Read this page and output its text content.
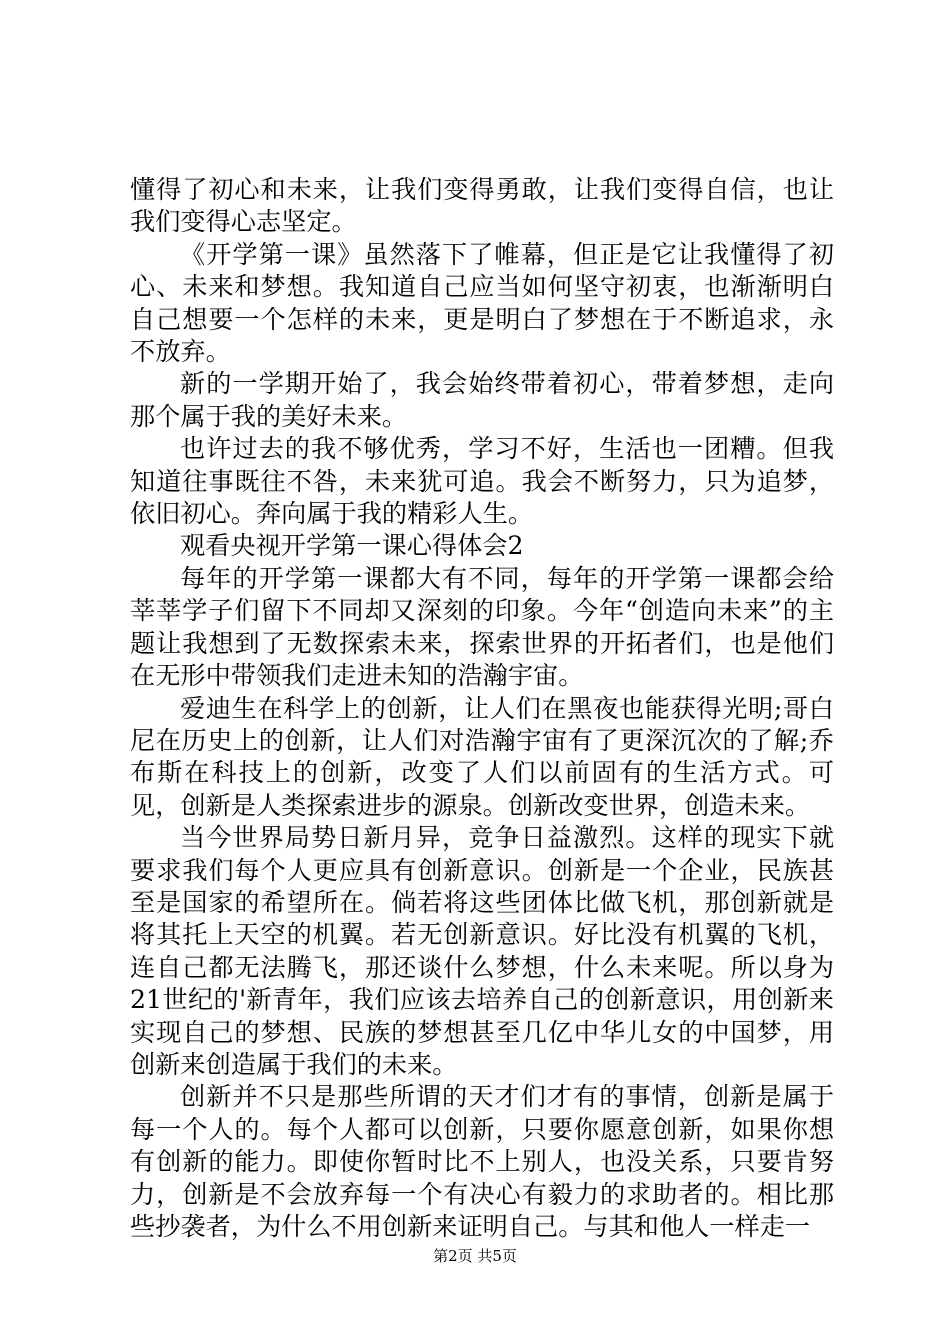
懂得了初心和未来，让我们变得勇敢，让我们变得自信，也让我们变得心志坚定。

《开学第一课》虽然落下了帷幕，但正是它让我懂得了初心、未来和梦想。我知道自己应当如何坚守初衷，也渐渐明白自己想要一个怎样的未来，更是明白了梦想在于不断追求，永不放弃。

新的一学期开始了，我会始终带着初心，带着梦想，走向那个属于我的美好未来。

也许过去的我不够优秀，学习不好，生活也一团糟。但我知道往事既往不咎，未来犹可追。我会不断努力，只为追梦，依旧初心。奔向属于我的精彩人生。

观看央视开学第一课心得体会2

每年的开学第一课都大有不同，每年的开学第一课都会给莘莘学子们留下不同却又深刻的印象。今年“创造向未来”的主题让我想到了无数探索未来，探索世界的开拓者们，也是他们在无形中带领我们走进未知的浩瀚宇宙。

爱迪生在科学上的创新，让人们在黑夜也能获得光明;哥白尼在历史上的创新，让人们对浩瀚宇宙有了更深沉次的了解;乔布斯在科技上的创新，改变了人们以前固有的生活方式。可见，创新是人类探索进步的源泉。创新改变世界，创造未来。

当今世界局势日新月异，竞争日益激烈。这样的现实下就要求我们每个人更应具有创新意识。创新是一个企业，民族甚至是国家的希望所在。倘若将这些团体比做飞机，那创新就是将其托上天空的机翼。若无创新意识。好比没有机翼的飞机，连自己都无法腾飞，那还谈什么梦想，什么未来呢。所以身为21世纪的'新青年，我们应该去培养自己的创新意识，用创新来实现自己的梦想、民族的梦想甚至几亿中华儿女的中国梦，用创新来创造属于我们的未来。

创新并不只是那些所谓的天才们才有的事情，创新是属于每一个人的。每个人都可以创新，只要你愿意创新，如果你想有创新的能力。即使你暂时比不上别人，也没关系，只要肯努力，创新是不会放弃每一个有决心有毅力的求助者的。相比那些抄袭者，为什么不用创新来证明自己。与其和他人一样走一

第2页 共5页
